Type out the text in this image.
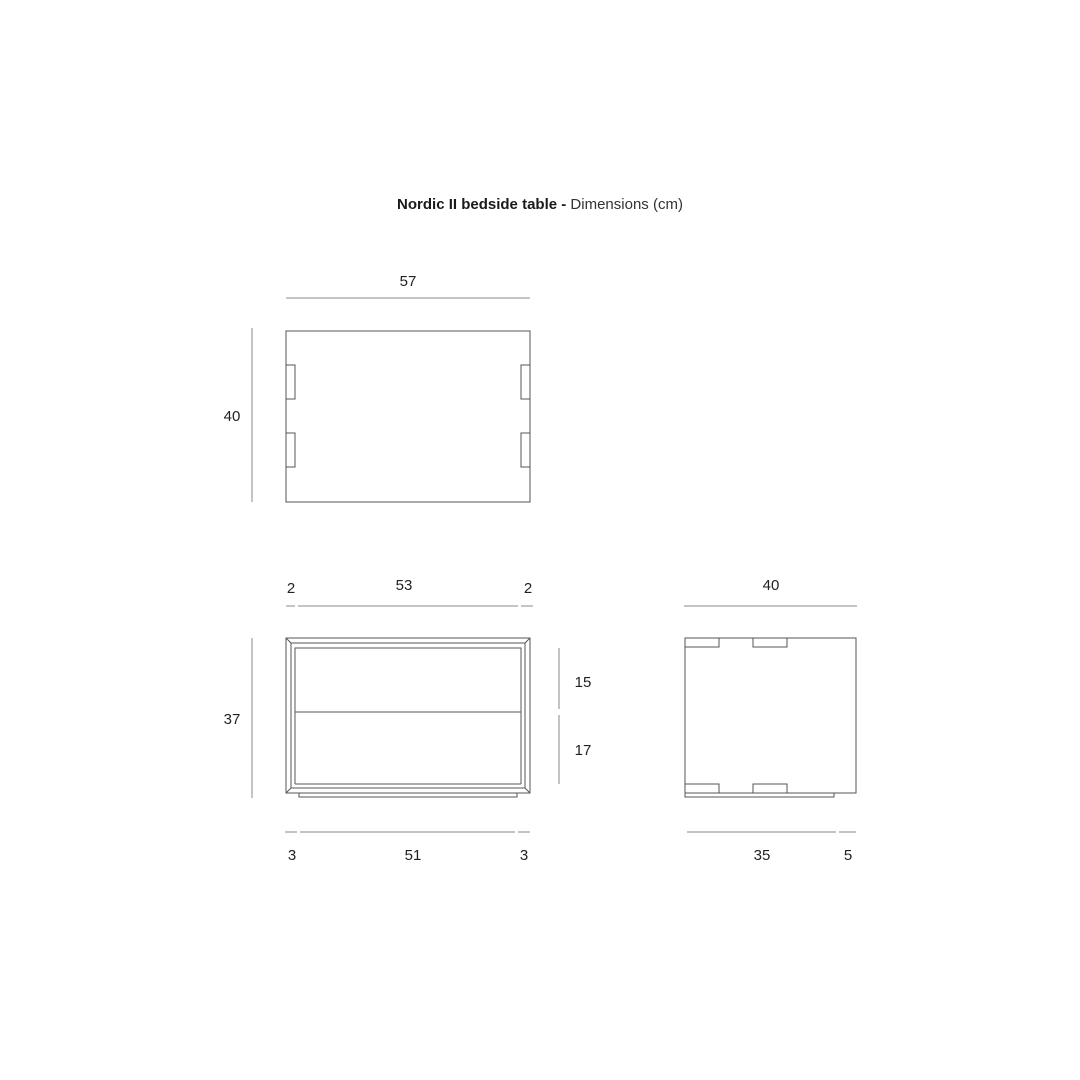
Nordic II bedside table - Dimensions (cm)
57
40
2	53	2
37
15
17
3	51	3
40
35	5
